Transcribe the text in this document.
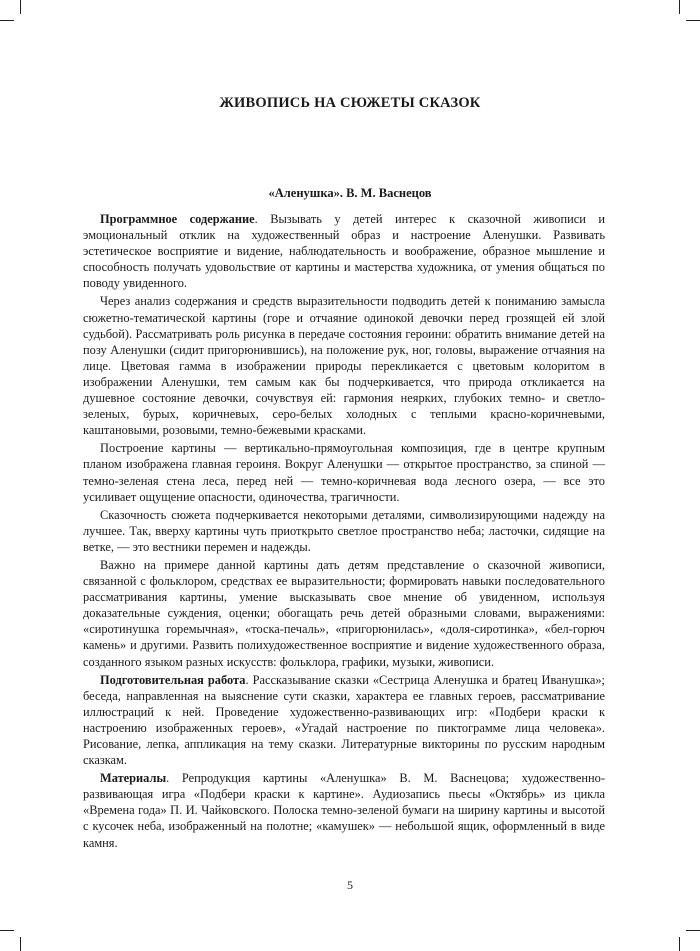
ЖИВОПИСЬ НА СЮЖЕТЫ СКАЗОК
«Аленушка». В. М. Васнецов

Программное содержание. Вызывать у детей интерес к сказочной живописи и эмоциональный отклик на художественный образ и настроение Аленушки. Развивать эстетическое восприятие и видение, наблюдательность и воображение, образное мышление и способность получать удовольствие от картины и мастерства художника, от умения общаться по поводу увиденного.

Через анализ содержания и средств выразительности подводить детей к пониманию замысла сюжетно-тематической картины (горе и отчаяние одинокой девочки перед грозящей ей злой судьбой). Рассматривать роль рисунка в передаче состояния героини: обратить внимание детей на позу Аленушки (сидит пригорюнившись), на положение рук, ног, головы, выражение отчаяния на лице. Цветовая гамма в изображении природы перекликается с цветовым колоритом в изображении Аленушки, тем самым как бы подчеркивается, что природа откликается на душевное состояние девочки, сочувствуя ей: гармония неярких, глубоких темно- и светло-зеленых, бурых, коричневых, серо-белых холодных с теплыми красно-коричневыми, каштановыми, розовыми, темно-бежевыми красками.

Построение картины — вертикально-прямоугольная композиция, где в центре крупным планом изображена главная героиня. Вокруг Аленушки — открытое пространство, за спиной — темно-зеленая стена леса, перед ней — темно-коричневая вода лесного озера, — все это усиливает ощущение опасности, одиночества, трагичности.

Сказочность сюжета подчеркивается некоторыми деталями, символизирующими надежду на лучшее. Так, вверху картины чуть приоткрыто светлое пространство неба; ласточки, сидящие на ветке, — это вестники перемен и надежды.

Важно на примере данной картины дать детям представление о сказочной живописи, связанной с фольклором, средствах ее выразительности; формировать навыки последовательного рассматривания картины, умение высказывать свое мнение об увиденном, используя доказательные суждения, оценки; обогащать речь детей образными словами, выражениями: «сиротинушка горемычная», «тоска-печаль», «пригорюнилась», «доля-сиротинка», «бел-горюч камень» и другими. Развить полихудожественное восприятие и видение художественного образа, созданного языком разных искусств: фольклора, графики, музыки, живописи.

Подготовительная работа. Рассказывание сказки «Сестрица Аленушка и братец Иванушка»; беседа, направленная на выяснение сути сказки, характера ее главных героев, рассматривание иллюстраций к ней. Проведение художественно-развивающих игр: «Подбери краски к настроению изображенных героев», «Угадай настроение по пиктограмме лица человека». Рисование, лепка, аппликация на тему сказки. Литературные викторины по русским народным сказкам.

Материалы. Репродукция картины «Аленушка» В. М. Васнецова; художественно-развивающая игра «Подбери краски к картине». Аудиозапись пьесы «Октябрь» из цикла «Времена года» П. И. Чайковского. Полоска темно-зеленой бумаги на ширину картины и высотой с кусочек неба, изображенный на полотне; «камушек» — небольшой ящик, оформленный в виде камня.

5
